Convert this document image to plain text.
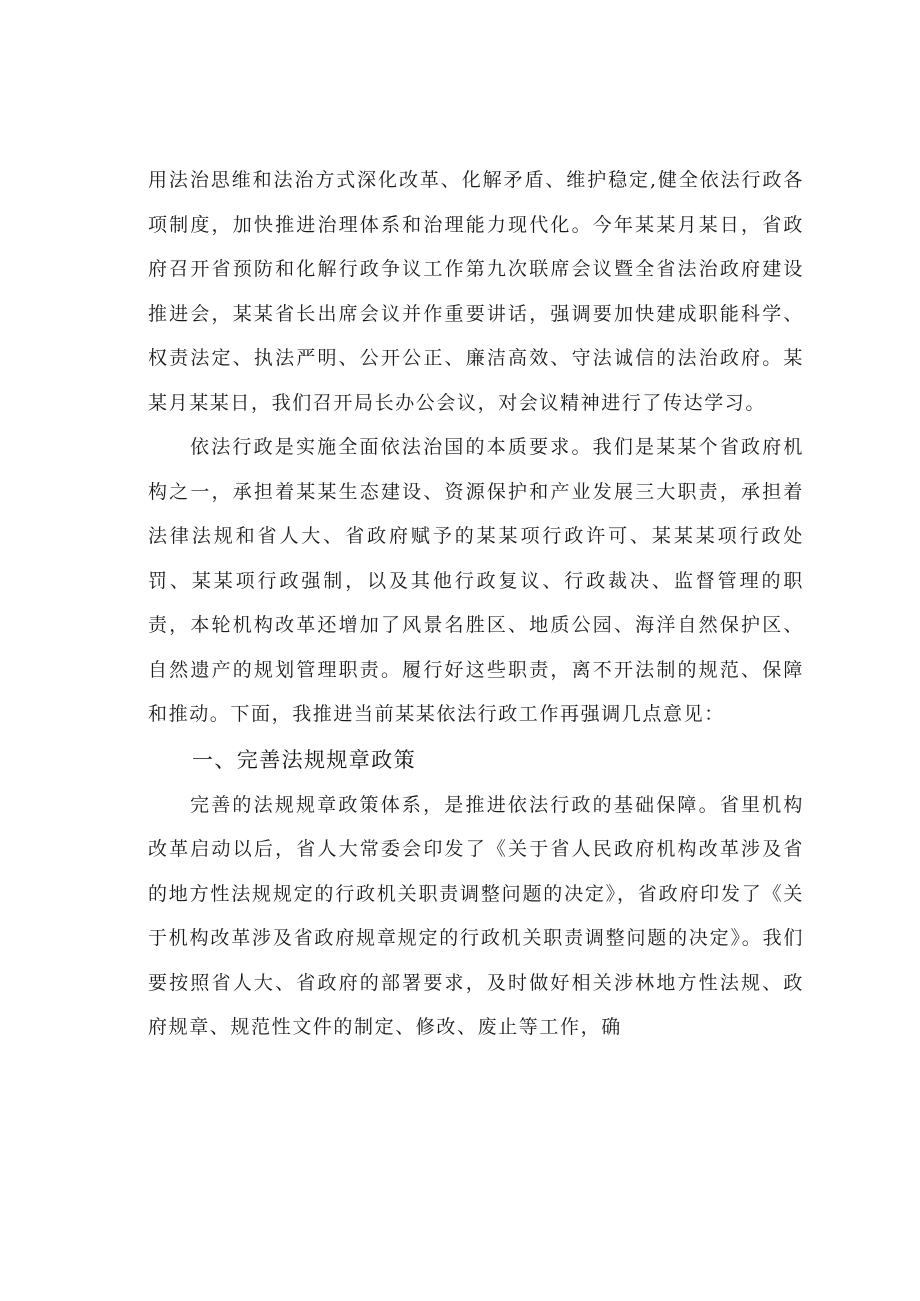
用法治思维和法治方式深化改革、化解矛盾、维护稳定,健全依法行政各项制度，加快推进治理体系和治理能力现代化。今年某某月某日，省政府召开省预防和化解行政争议工作第九次联席会议暨全省法治政府建设推进会，某某省长出席会议并作重要讲话，强调要加快建成职能科学、权责法定、执法严明、公开公正、廉洁高效、守法诚信的法治政府。某某月某某日，我们召开局长办公会议，对会议精神进行了传达学习。

依法行政是实施全面依法治国的本质要求。我们是某某个省政府机构之一，承担着某某生态建设、资源保护和产业发展三大职责，承担着法律法规和省人大、省政府赋予的某某项行政许可、某某某项行政处罚、某某项行政强制，以及其他行政复议、行政裁决、监督管理的职责，本轮机构改革还增加了风景名胜区、地质公园、海洋自然保护区、自然遗产的规划管理职责。履行好这些职责，离不开法制的规范、保障和推动。下面，我推进当前某某依法行政工作再强调几点意见：

一、完善法规规章政策

完善的法规规章政策体系，是推进依法行政的基础保障。省里机构改革启动以后，省人大常委会印发了《关于省人民政府机构改革涉及省的地方性法规规定的行政机关职责调整问题的决定》，省政府印发了《关于机构改革涉及省政府规章规定的行政机关职责调整问题的决定》。我们要按照省人大、省政府的部署要求，及时做好相关涉林地方性法规、政府规章、规范性文件的制定、修改、废止等工作，确
